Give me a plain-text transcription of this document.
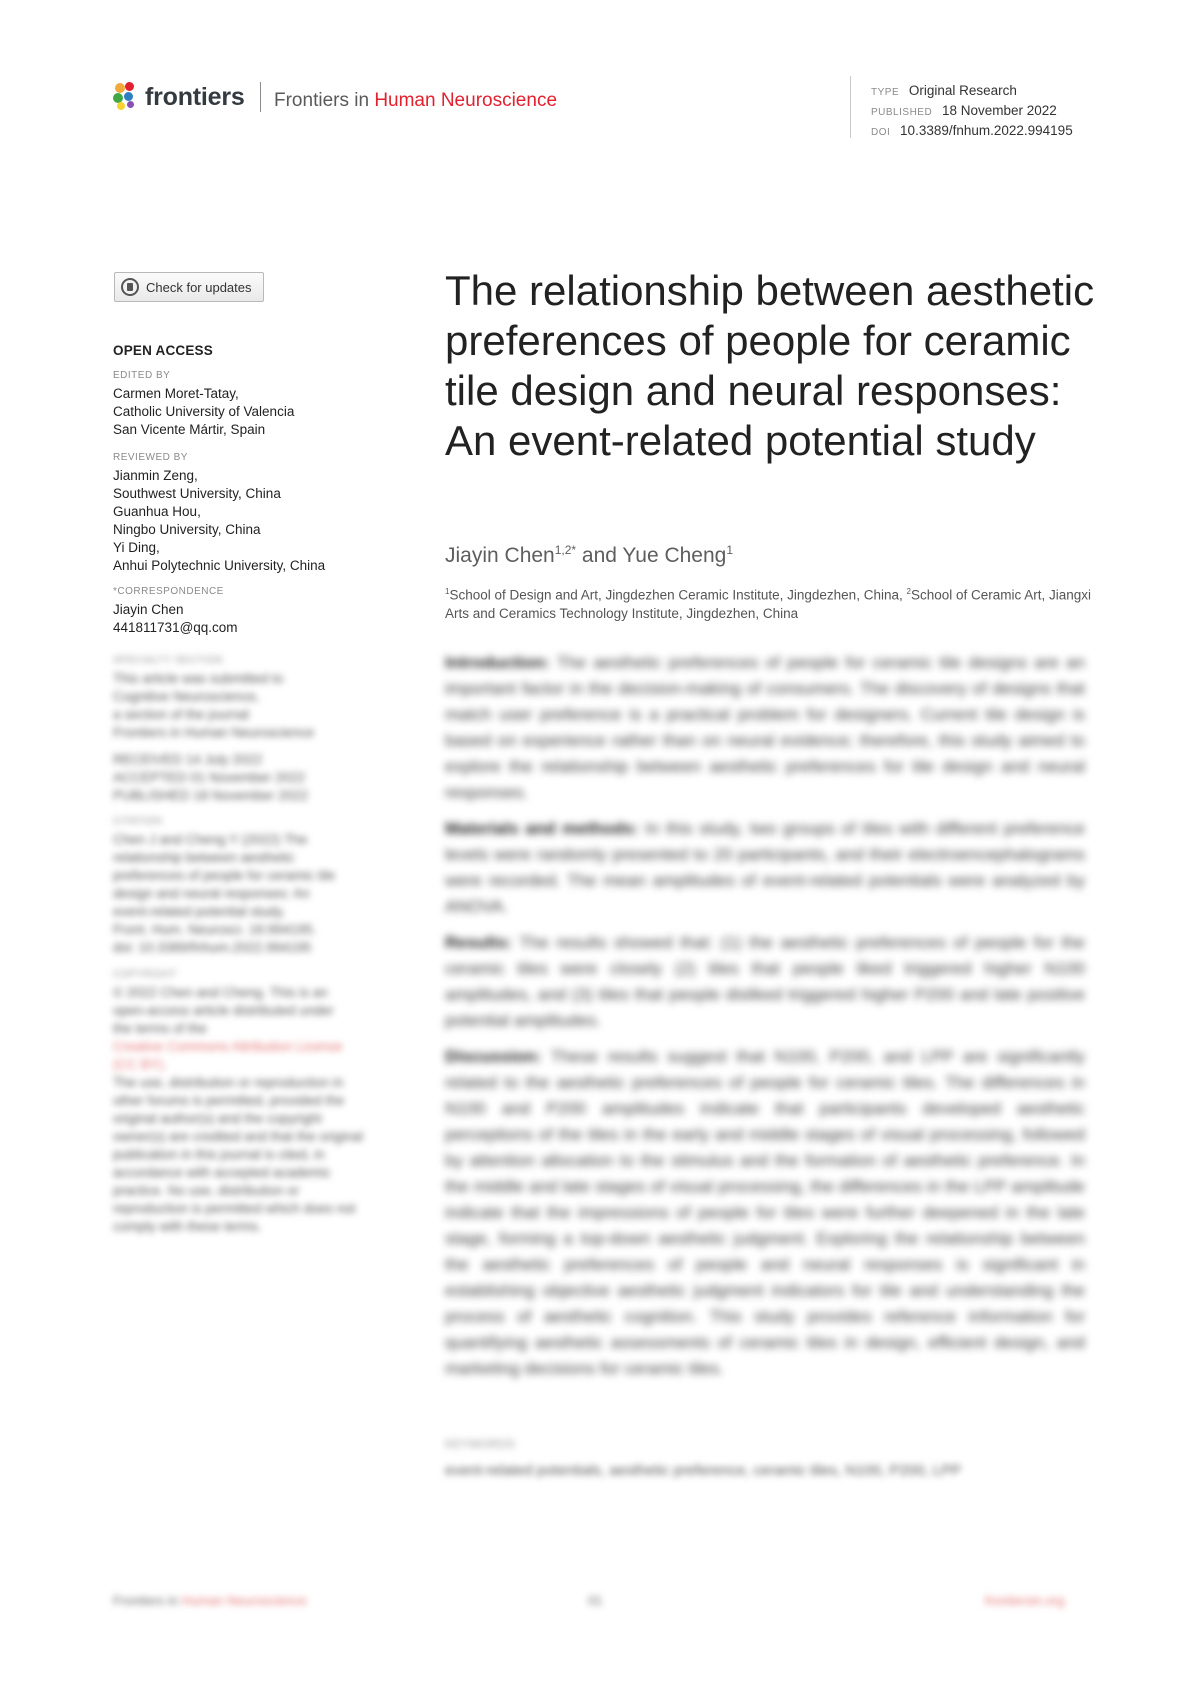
frontiers Frontiers in Human Neuroscience	TYPE Original Research
PUBLISHED 18 November 2022
DOI 10.3389/fnhum.2022.994195
Check for updates
OPEN ACCESS
EDITED BY
Carmen Moret-Tatay,
Catholic University of Valencia
San Vicente Mártir, Spain
REVIEWED BY
Jianmin Zeng,
Southwest University, China
Guanhua Hou,
Ningbo University, China
Yi Ding,
Anhui Polytechnic University, China
*CORRESPONDENCE
Jiayin Chen
441811731@qq.com
SPECIALTY SECTION
This article was submitted to
Cognitive Neuroscience,
a section of the journal
Frontiers in Human Neuroscience
RECEIVED 14 July 2022
ACCEPTED 01 November 2022
PUBLISHED 18 November 2022
CITATION
Chen J and Cheng Y (2022) The
relationship between aesthetic
preferences of people for ceramic tile
design and neural responses: An
event-related potential study.
Front. Hum. Neurosci. 16:994195.
doi: 10.3389/fnhum.2022.994195
COPYRIGHT
© 2022 Chen and Cheng. This is an
open-access article distributed under
the terms of the
Creative Commons Attribution License (CC BY).
The use, distribution or reproduction in other forums is permitted, provided the original author(s) and the copyright owner(s) are credited and that the original publication in this journal is cited, in accordance with accepted academic practice. No use, distribution or reproduction is permitted which does not comply with these terms.
The relationship between aesthetic preferences of people for ceramic tile design and neural responses: An event-related potential study
Jiayin Chen$^{1,2*}$ and Yue Cheng$^1$
$^1$School of Design and Art, Jingdezhen Ceramic Institute, Jingdezhen, China, $^2$School of Ceramic Art, Jiangxi Arts and Ceramics Technology Institute, Jingdezhen, China

Introduction: The aesthetic preferences of people for ceramic tile designs are an important factor in the decision-making of consumers. The discovery of designs that match user preference is a practical problem for designers. Current tile design is based on experience rather than on neural evidence; therefore, this study aimed to explore the relationship between aesthetic preferences for tile design and neural responses.

Materials and methods: In this study, two groups of tiles with different preference levels were randomly presented to 20 participants, and their electroencephalograms were recorded. The mean amplitudes of event-related potentials were analyzed by ANOVA.

Results: The results showed that: (1) the aesthetic preferences of people for the ceramic tiles were closely (2) tiles that people liked triggered higher N100 amplitudes, and (3) tiles that people disliked triggered higher P200 and late positive potential amplitudes.

Discussion: These results suggest that N100, P200, and LPP are significantly related to the aesthetic preferences of people for ceramic tiles. The differences in N100 and P200 amplitudes indicate that participants developed aesthetic perceptions of the tiles in the early and middle stages of visual processing, followed by attention allocation to the stimulus and the formation of aesthetic preference. In the middle and late stages of visual processing, the differences in the LPP amplitude indicate that the impressions of people for tiles were further deepened in the late stage, forming a top-down aesthetic judgment. Exploring the relationship between the aesthetic preferences of people and neural responses is significant in establishing objective aesthetic judgment indicators for tile and understanding the process of aesthetic cognition. This study provides reference information for quantifying aesthetic assessments of ceramic tiles in design, efficient design, and marketing decisions for ceramic tiles.

KEYWORDS
event-related potentials, aesthetic preference, ceramic tiles, N100, P200, LPP
Frontiers in Human Neuroscience	01	frontiersin.org
